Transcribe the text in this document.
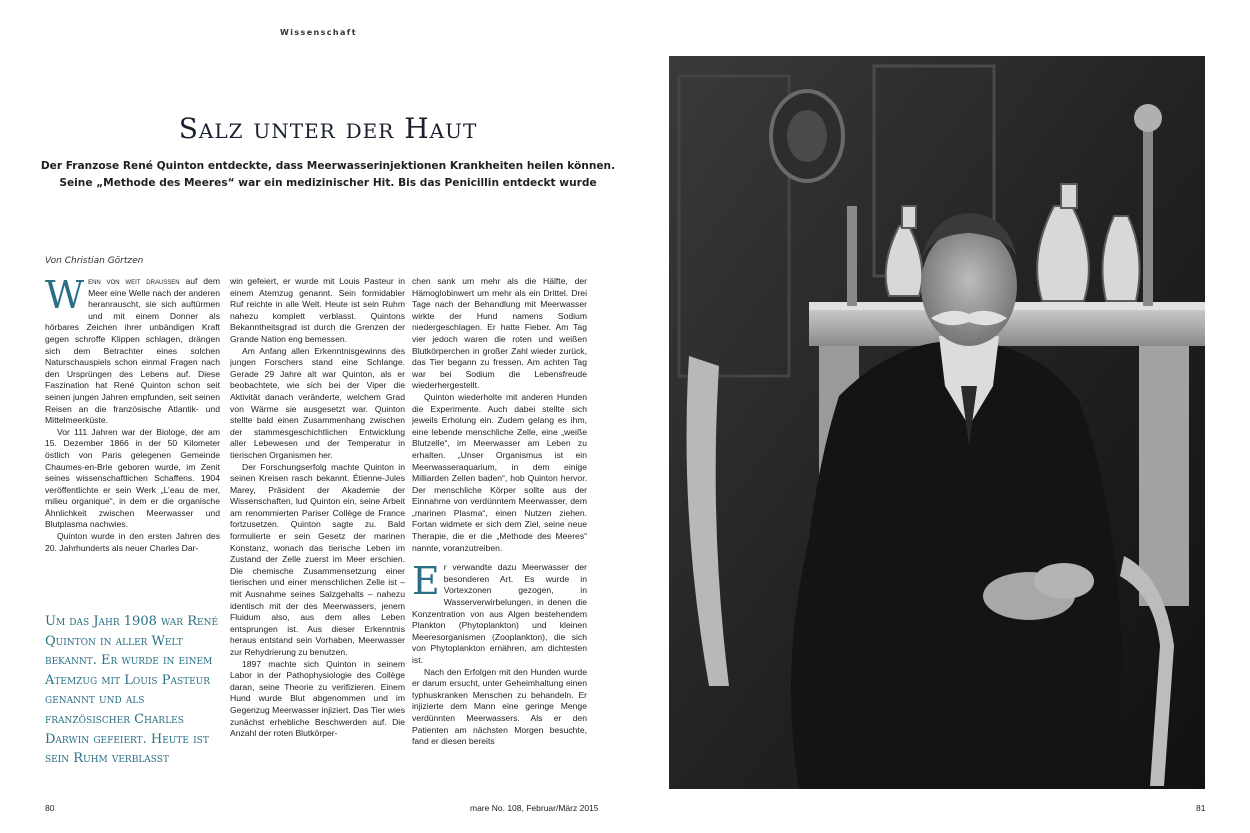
Wissenschaft
Salz unter der Haut
Der Franzose René Quinton entdeckte, dass Meerwasserinjektionen Krankheiten heilen können.
Seine „Methode des Meeres“ war ein medizinischer Hit. Bis das Penicillin entdeckt wurde
Von Christian Görtzen

Wenn von weit draussen auf dem Meer eine Welle nach der anderen heranrauscht, sie sich auftürmen und mit einem Donner als hörbares Zeichen ihrer unbändigen Kraft gegen schroffe Klippen schlagen, drängen sich dem Betrachter eines solchen Naturschauspiels schon einmal Fragen nach den Ursprüngen des Lebens auf. Diese Faszination hat René Quinton schon seit seinen jungen Jahren empfunden, seit seinen Reisen an die französische Atlantik- und Mittelmeerküste.

Vor 111 Jahren war der Biologe, der am 15. Dezember 1866 in der 50 Kilometer östlich von Paris gelegenen Gemeinde Chaumes-en-Brie geboren wurde, im Zenit seines wissenschaftlichen Schaffens. 1904 veröffentlichte er sein Werk „L’eau de mer, milieu organique“, in dem er die organische Ähnlichkeit zwischen Meerwasser und Blutplasma nachwies.

Quinton wurde in den ersten Jahren des 20. Jahrhunderts als neuer Charles Dar-

Um das Jahr 1908 war René Quinton in aller Welt bekannt. Er wurde in einem Atemzug mit Louis Pasteur genannt und als französischer Charles Darwin gefeiert. Heute ist sein Ruhm verblasst

win gefeiert, er wurde mit Louis Pasteur in einem Atemzug genannt. Sein formidabler Ruf reichte in alle Welt. Heute ist sein Ruhm nahezu komplett verblasst. Quintons Bekanntheitsgrad ist durch die Grenzen der Grande Nation eng bemessen.

Am Anfang allen Erkenntnisgewinns des jungen Forschers stand eine Schlange. Gerade 29 Jahre alt war Quinton, als er beobachtete, wie sich bei der Viper die Aktivität danach veränderte, welchem Grad von Wärme sie ausgesetzt war. Quinton stellte bald einen Zusammenhang zwischen der stammesgeschichtlichen Entwicklung aller Lebewesen und der Temperatur in tierischen Organismen her.

Der Forschungserfolg machte Quinton in seinen Kreisen rasch bekannt. Étienne-Jules Marey, Präsident der Akademie der Wissenschaften, lud Quinton ein, seine Arbeit am renommierten Pariser Collège de France fortzusetzen. Quinton sagte zu. Bald formulierte er sein Gesetz der marinen Konstanz, wonach das tierische Leben im Zustand der Zelle zuerst im Meer erschien. Die chemische Zusammensetzung einer tierischen und einer menschlichen Zelle ist – mit Ausnahme seines Salzgehalts – nahezu identisch mit der des Meerwassers, jenem Fluidum also, aus dem alles Leben entsprungen ist. Aus dieser Erkenntnis heraus entstand sein Vorhaben, Meerwasser zur Rehydrierung zu benutzen.

1897 machte sich Quinton in seinem Labor in der Pathophysiologie des Collège daran, seine Theorie zu verifizieren. Einem Hund wurde Blut abgenommen und im Gegenzug Meerwasser injiziert. Das Tier wies zunächst erhebliche Beschwerden auf. Die Anzahl der roten Blutkörper-

chen sank um mehr als die Hälfte, der Hämoglobinwert um mehr als ein Drittel. Drei Tage nach der Behandlung mit Meerwasser wirkte der Hund namens Sodium niedergeschlagen. Er hatte Fieber. Am Tag vier jedoch waren die roten und weißen Blutkörperchen in großer Zahl wieder zurück, das Tier begann zu fressen. Am achten Tag war bei Sodium die Lebensfreude wiederhergestellt.

Quinton wiederholte mit anderen Hunden die Experimente. Auch dabei stellte sich jeweils Erholung ein. Zudem gelang es ihm, eine lebende menschliche Zelle, eine „weiße Blutzelle“, im Meerwasser am Leben zu erhalten. „Unser Organismus ist ein Meerwasseraquarium, in dem einige Milliarden Zellen baden“, hob Quinton hervor. Der menschliche Körper sollte aus der Einnahme von verdünntem Meerwasser, dem „marinen Plasma“, einen Nutzen ziehen. Fortan widmete er sich dem Ziel, seine neue Therapie, die er die „Methode des Meeres“ nannte, voranzutreiben.

Er verwandte dazu Meerwasser der besonderen Art. Es wurde in Vortexzonen gezogen, in Wasserverwirbelungen, in denen die Konzentration von aus Algen bestehendem Plankton (Phytoplankton) und kleinen Meeresorganismen (Zooplankton), die sich von Phytoplankton ernähren, am dichtesten ist.

Nach den Erfolgen mit den Hunden wurde er darum ersucht, unter Geheimhaltung einen typhuskranken Menschen zu behandeln. Er injizierte dem Mann eine geringe Menge verdünnten Meerwassers. Als er den Patienten am nächsten Morgen besuchte, fand er diesen bereits

80	mare No. 108, Februar/März 2015	81
